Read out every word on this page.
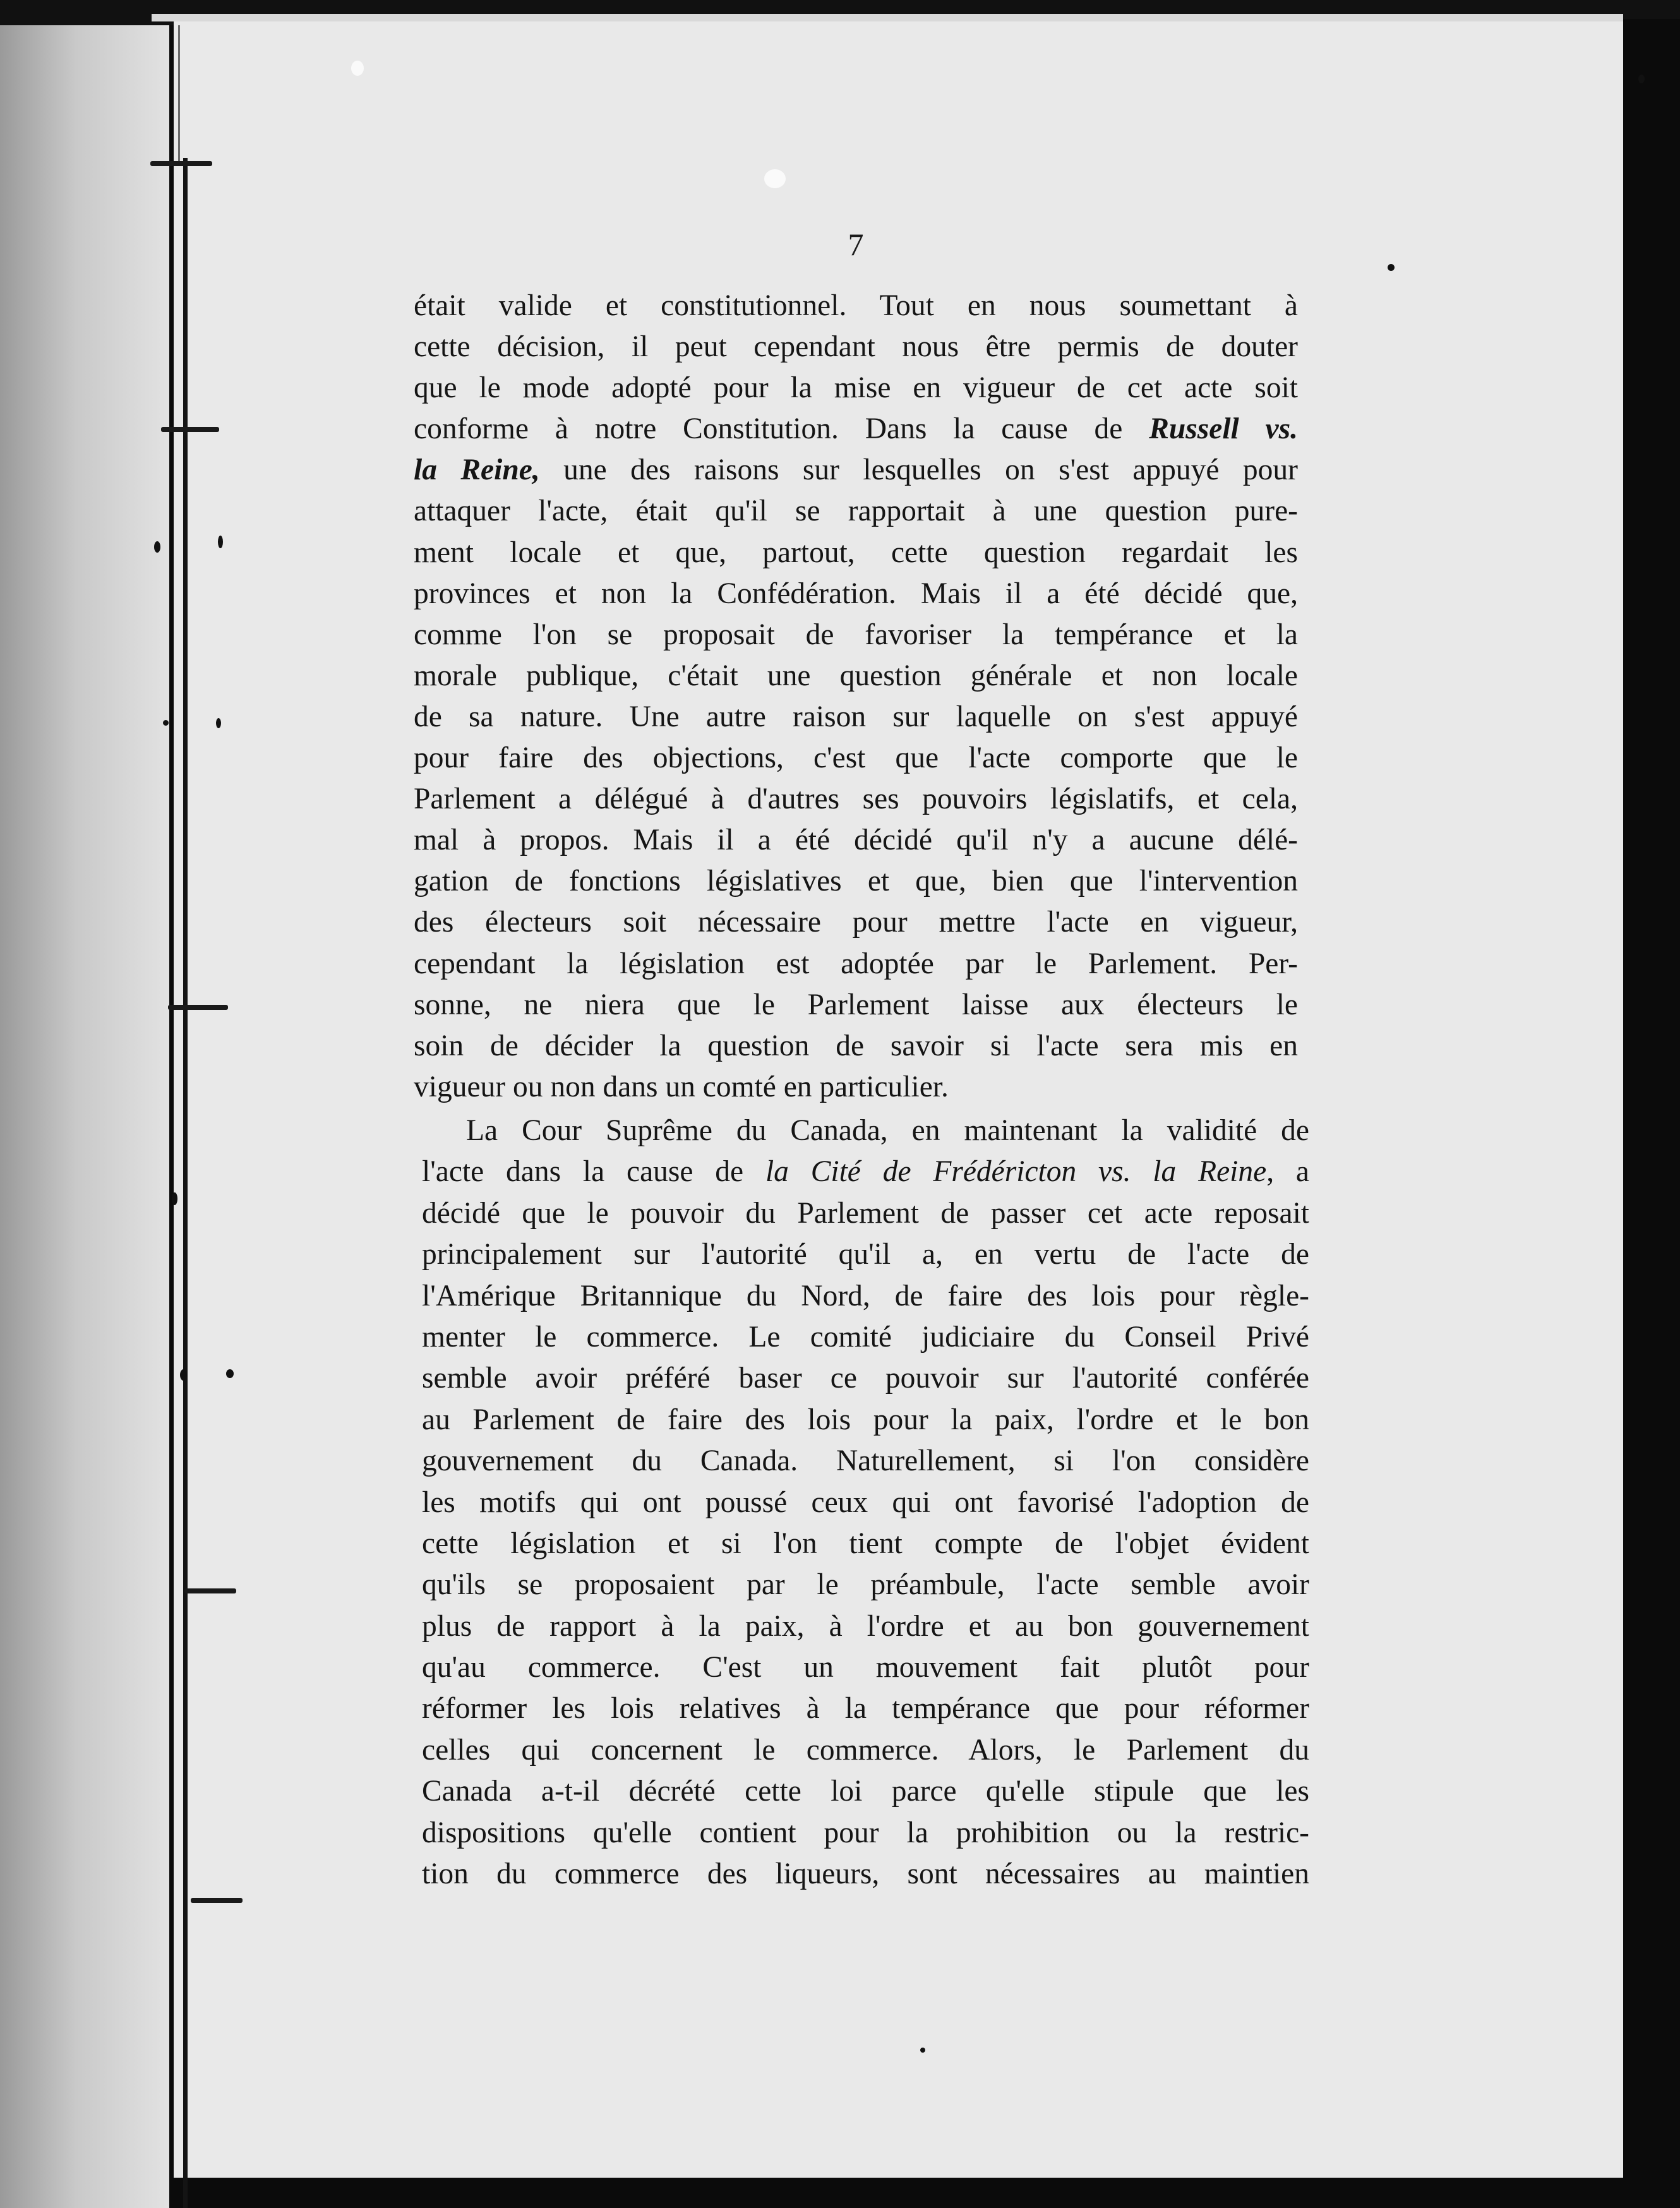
7
était valide et constitutionnel. Tout en nous soumettant à
cette décision, il peut cependant nous être permis de douter
que le mode adopté pour la mise en vigueur de cet acte soit
conforme à notre Constitution. Dans la cause de Russell vs.
la Reine, une des raisons sur lesquelles on s'est appuyé pour
attaquer l'acte, était qu'il se rapportait à une question pure-
ment locale et que, partout, cette question regardait les
provinces et non la Confédération. Mais il a été décidé que,
comme l'on se proposait de favoriser la tempérance et la
morale publique, c'était une question générale et non locale
de sa nature. Une autre raison sur laquelle on s'est appuyé
pour faire des objections, c'est que l'acte comporte que le
Parlement a délégué à d'autres ses pouvoirs législatifs, et cela,
mal à propos. Mais il a été décidé qu'il n'y a aucune délé-
gation de fonctions législatives et que, bien que l'intervention
des électeurs soit nécessaire pour mettre l'acte en vigueur,
cependant la législation est adoptée par le Parlement. Per-
sonne, ne niera que le Parlement laisse aux électeurs le
soin de décider la question de savoir si l'acte sera mis en
vigueur ou non dans un comté en particulier.
La Cour Suprême du Canada, en maintenant la validité de
l'acte dans la cause de la Cité de Frédéricton vs. la Reine, a
décidé que le pouvoir du Parlement de passer cet acte reposait
principalement sur l'autorité qu'il a, en vertu de l'acte de
l'Amérique Britannique du Nord, de faire des lois pour règle-
menter le commerce. Le comité judiciaire du Conseil Privé
semble avoir préféré baser ce pouvoir sur l'autorité conférée
au Parlement de faire des lois pour la paix, l'ordre et le bon
gouvernement du Canada. Naturellement, si l'on considère
les motifs qui ont poussé ceux qui ont favorisé l'adoption de
cette législation et si l'on tient compte de l'objet évident
qu'ils se proposaient par le préambule, l'acte semble avoir
plus de rapport à la paix, à l'ordre et au bon gouvernement
qu'au commerce. C'est un mouvement fait plutôt pour
réformer les lois relatives à la tempérance que pour réformer
celles qui concernent le commerce. Alors, le Parlement du
Canada a-t-il décrété cette loi parce qu'elle stipule que les
dispositions qu'elle contient pour la prohibition ou la restric-
tion du commerce des liqueurs, sont nécessaires au maintien
